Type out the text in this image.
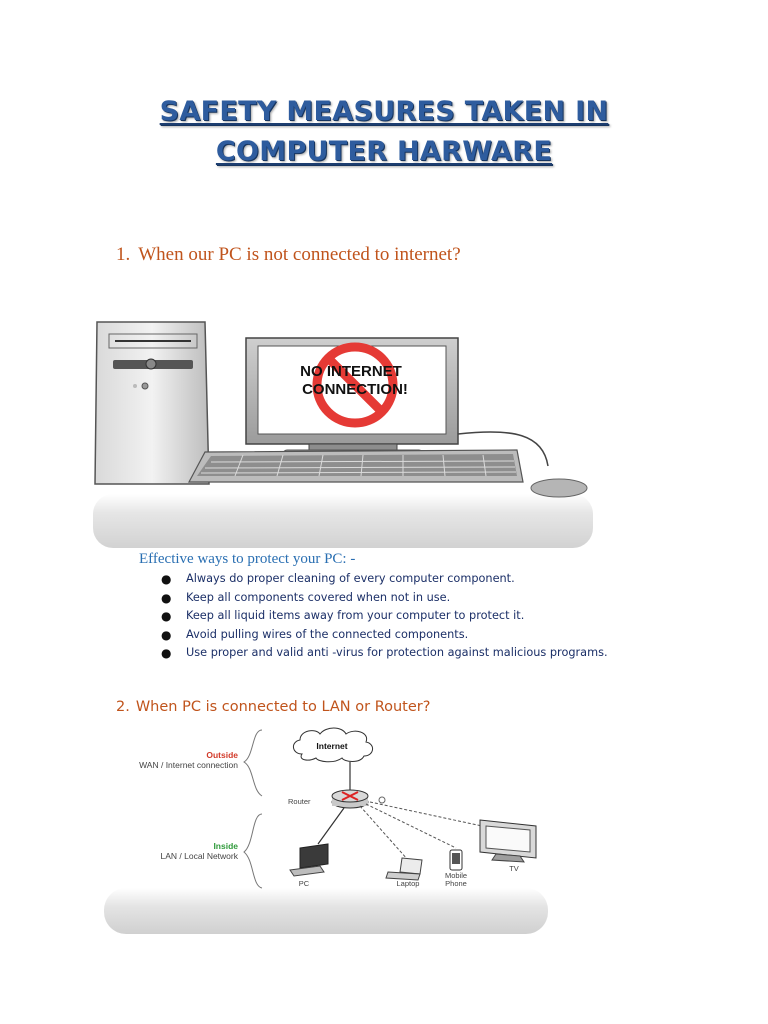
SAFETY MEASURES TAKEN IN
COMPUTER HARWARE
1. When our PC is not connected to internet?
NO INTERNET
CONNECTION!
Effective ways to protect your PC: -
● Always do proper cleaning of every computer component.
● Keep all components covered when not in use.
● Keep all liquid items away from your computer to protect it.
● Avoid pulling wires of the connected components.
● Use proper and valid anti -virus for protection against malicious programs.
2. When PC is connected to LAN or Router?
Outside
WAN / Internet connection
Inside
LAN / Local Network
Internet
Router
PC	Laptop
Mobile
Phone
TV
